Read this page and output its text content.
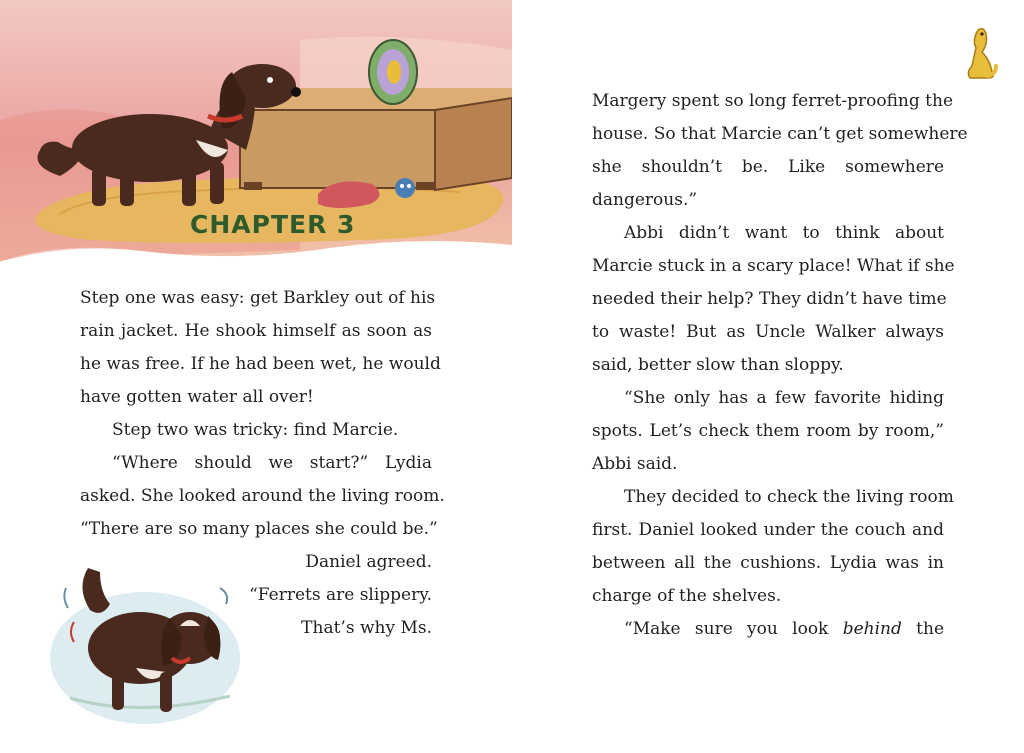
CHAPTER 3

Step one was easy: get Barkley out of his

rain jacket. He shook himself as soon as

he was free. If he had been wet, he would

have gotten water all over!

Step two was tricky: find Marcie.

“Where should we start?” Lydia

asked. She looked around the living room.

“There are so many places she could be.”

Daniel agreed.

“Ferrets are slippery.

That’s why Ms.

Margery spent so long ferret-proofing the

house. So that Marcie can’t get somewhere

she shouldn’t be. Like somewhere

dangerous.”

Abbi didn’t want to think about

Marcie stuck in a scary place! What if she

needed their help? They didn’t have time

to waste! But as Uncle Walker always

said, better slow than sloppy.

“She only has a few favorite hiding

spots. Let’s check them room by room,”

Abbi said.

They decided to check the living room

first. Daniel looked under the couch and

between all the cushions. Lydia was in

charge of the shelves.

“Make sure you look behind the
